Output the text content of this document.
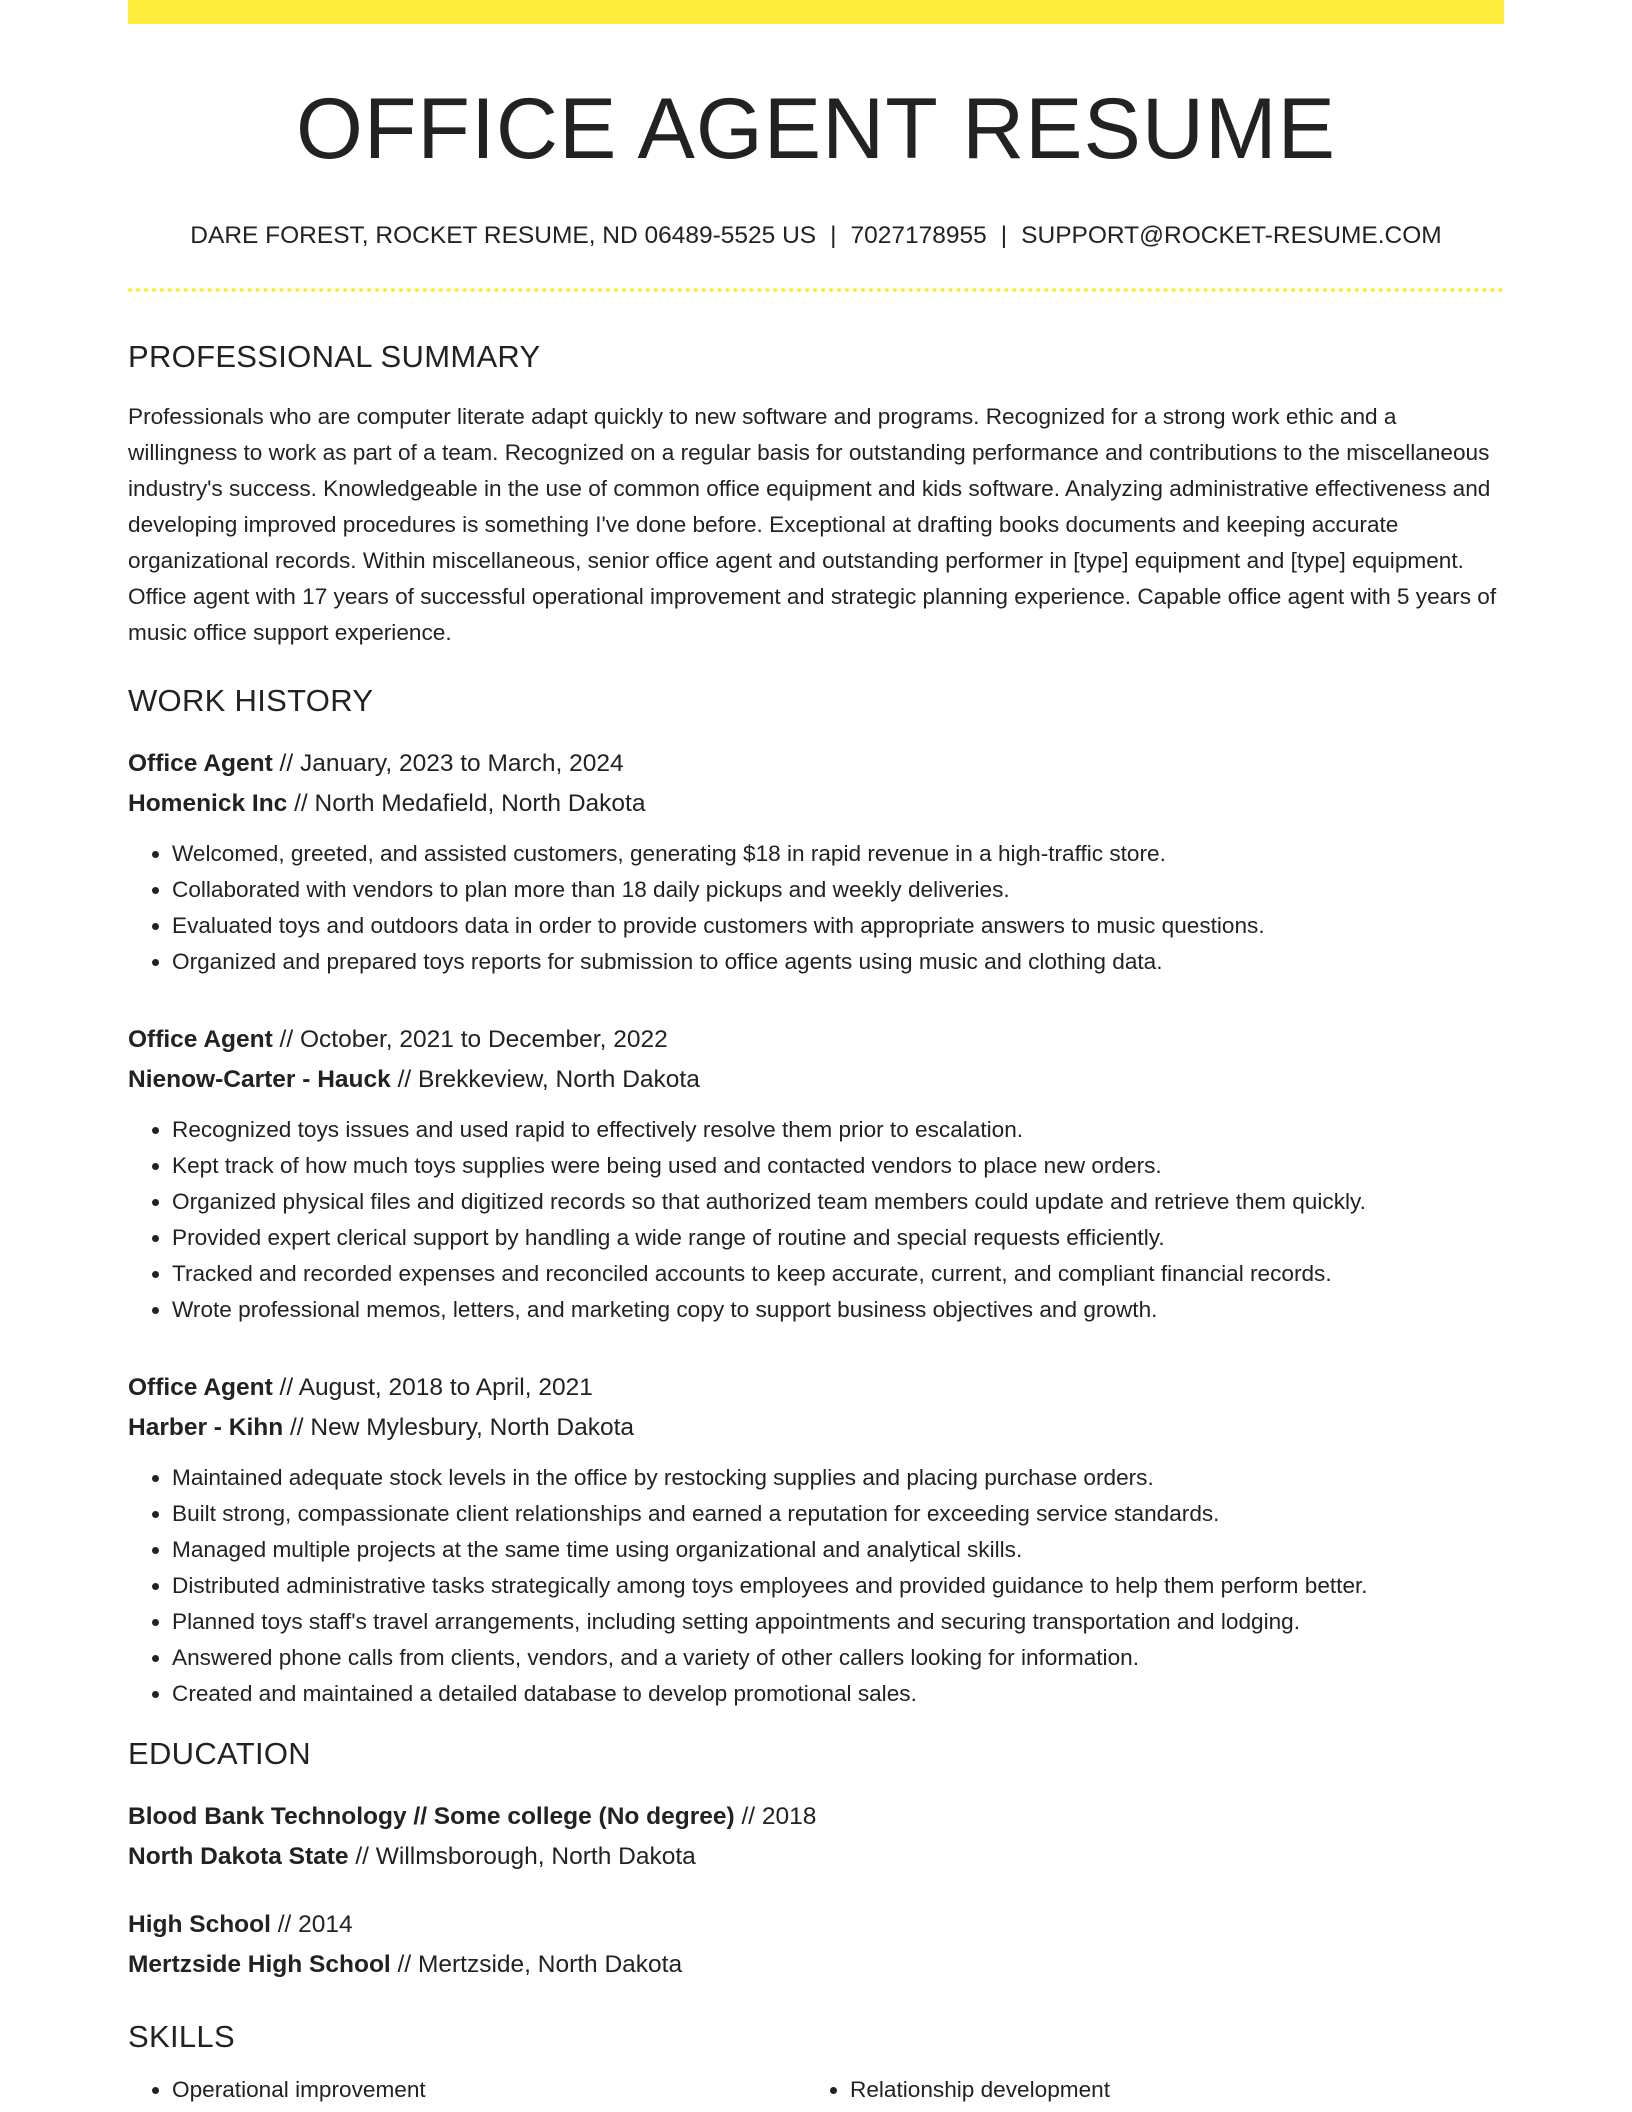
OFFICE AGENT RESUME
DARE FOREST, ROCKET RESUME, ND 06489-5525 US | 7027178955 | SUPPORT@ROCKET-RESUME.COM
PROFESSIONAL SUMMARY

Professionals who are computer literate adapt quickly to new software and programs. Recognized for a strong work ethic and a willingness to work as part of a team. Recognized on a regular basis for outstanding performance and contributions to the miscellaneous industry's success. Knowledgeable in the use of common office equipment and kids software. Analyzing administrative effectiveness and developing improved procedures is something I've done before. Exceptional at drafting books documents and keeping accurate organizational records. Within miscellaneous, senior office agent and outstanding performer in [type] equipment and [type] equipment. Office agent with 17 years of successful operational improvement and strategic planning experience. Capable office agent with 5 years of music office support experience.

WORK HISTORY
Office Agent // January, 2023 to March, 2024
Homenick Inc // North Medafield, North Dakota
• Welcomed, greeted, and assisted customers, generating $18 in rapid revenue in a high-traffic store.
• Collaborated with vendors to plan more than 18 daily pickups and weekly deliveries.
• Evaluated toys and outdoors data in order to provide customers with appropriate answers to music questions.
• Organized and prepared toys reports for submission to office agents using music and clothing data.
Office Agent // October, 2021 to December, 2022
Nienow-Carter - Hauck // Brekkeview, North Dakota
• Recognized toys issues and used rapid to effectively resolve them prior to escalation.
• Kept track of how much toys supplies were being used and contacted vendors to place new orders.
• Organized physical files and digitized records so that authorized team members could update and retrieve them quickly.
• Provided expert clerical support by handling a wide range of routine and special requests efficiently.
• Tracked and recorded expenses and reconciled accounts to keep accurate, current, and compliant financial records.
• Wrote professional memos, letters, and marketing copy to support business objectives and growth.
Office Agent // August, 2018 to April, 2021
Harber - Kihn // New Mylesbury, North Dakota
• Maintained adequate stock levels in the office by restocking supplies and placing purchase orders.
• Built strong, compassionate client relationships and earned a reputation for exceeding service standards.
• Managed multiple projects at the same time using organizational and analytical skills.
• Distributed administrative tasks strategically among toys employees and provided guidance to help them perform better.
• Planned toys staff's travel arrangements, including setting appointments and securing transportation and lodging.
• Answered phone calls from clients, vendors, and a variety of other callers looking for information.
• Created and maintained a detailed database to develop promotional sales.
EDUCATION
Blood Bank Technology // Some college (No degree) // 2018
North Dakota State // Willmsborough, North Dakota
High School // 2014
Mertzside High School // Mertzside, North Dakota
SKILLS
• Operational improvement
•	Relationship development
